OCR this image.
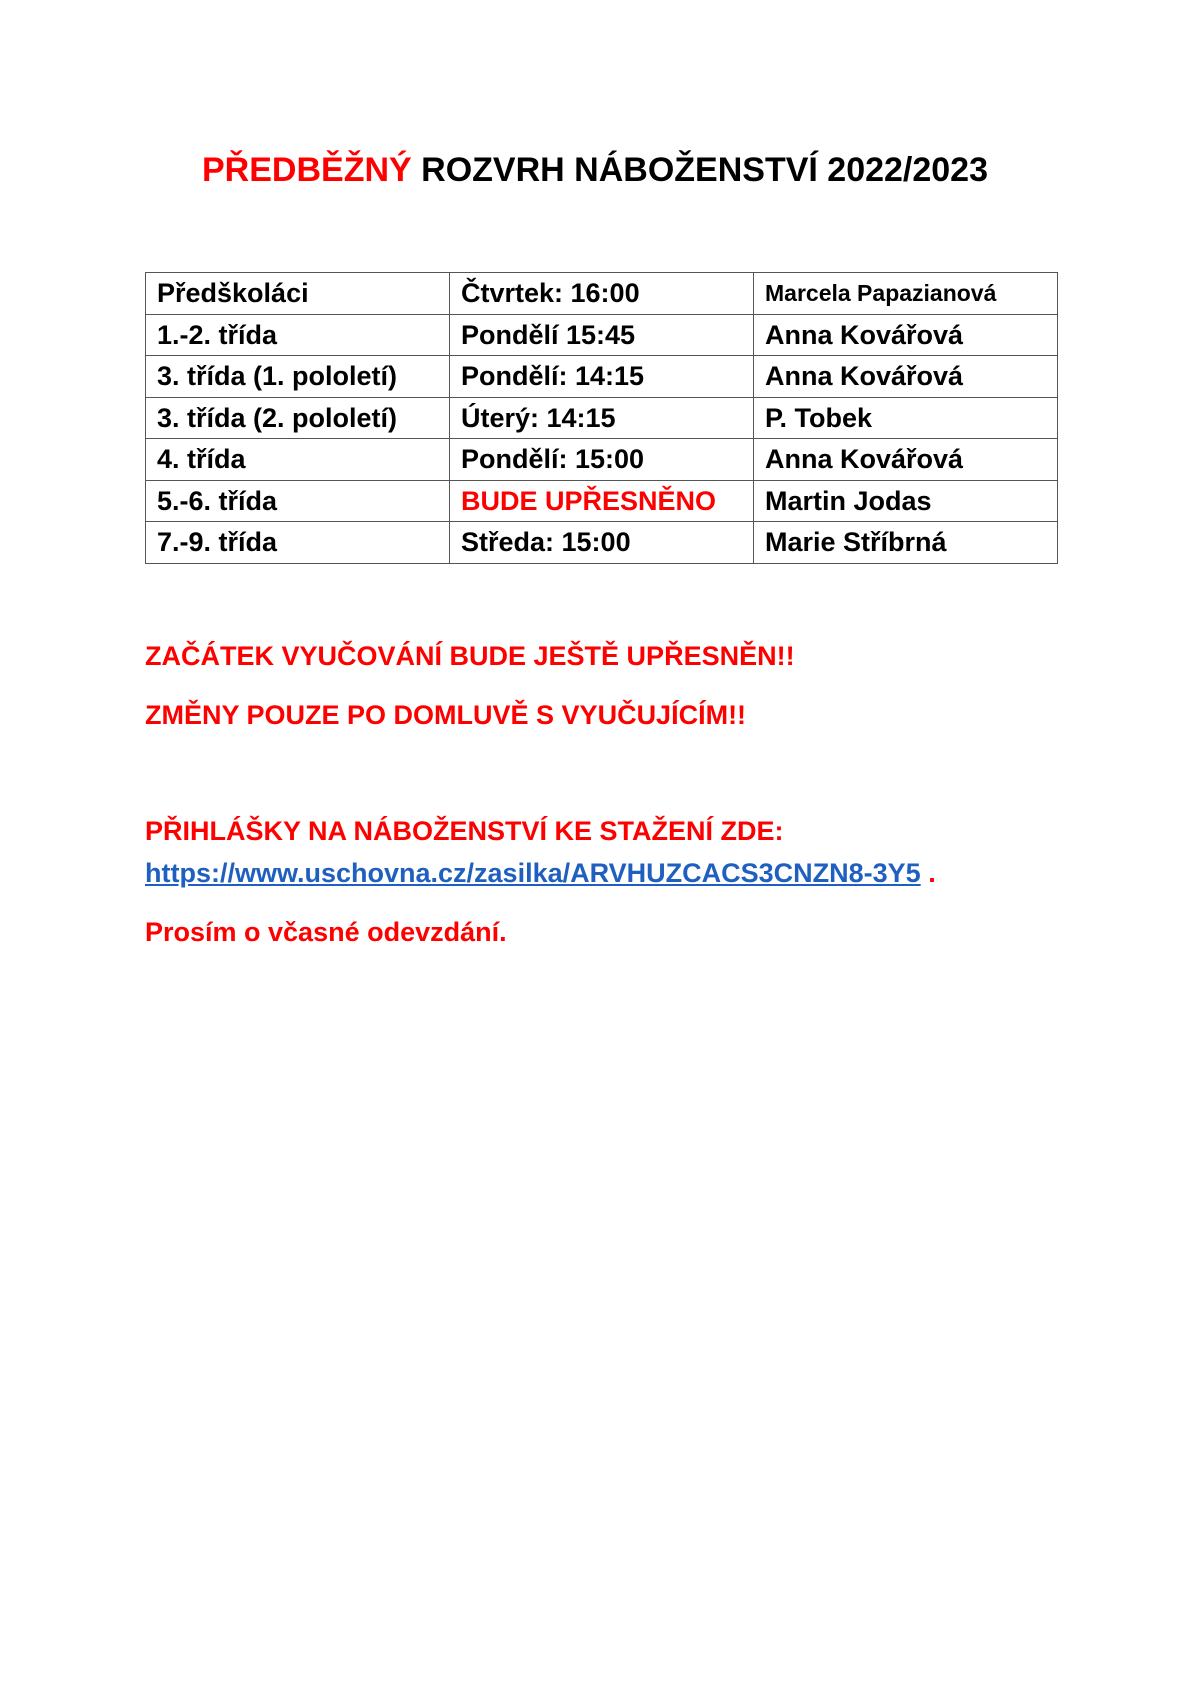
PŘEDBĚŽNÝ ROZVRH NÁBOŽENSTVÍ 2022/2023
Předškoláci	Čtvrtek: 16:00	Marcela Papazianová
1.-2. třída	Pondělí 15:45	Anna Kovářová
3. třída (1. pololetí)	Pondělí: 14:15	Anna Kovářová
3. třída (2. pololetí)	Úterý: 14:15	P. Tobek
4. třída	Pondělí: 15:00	Anna Kovářová
5.-6. třída	BUDE UPŘESNĚNO	Martin Jodas
7.-9. třída	Středa: 15:00	Marie Stříbrná
ZAČÁTEK VYUČOVÁNÍ BUDE JEŠTĚ UPŘESNĚN!!
ZMĚNY POUZE PO DOMLUVĚ S VYUČUJÍCÍM!!
PŘIHLÁŠKY NA NÁBOŽENSTVÍ KE STAŽENÍ ZDE:
https://www.uschovna.cz/zasilka/ARVHUZCACS3CNZN8-3Y5 .
Prosím o včasné odevzdání.
